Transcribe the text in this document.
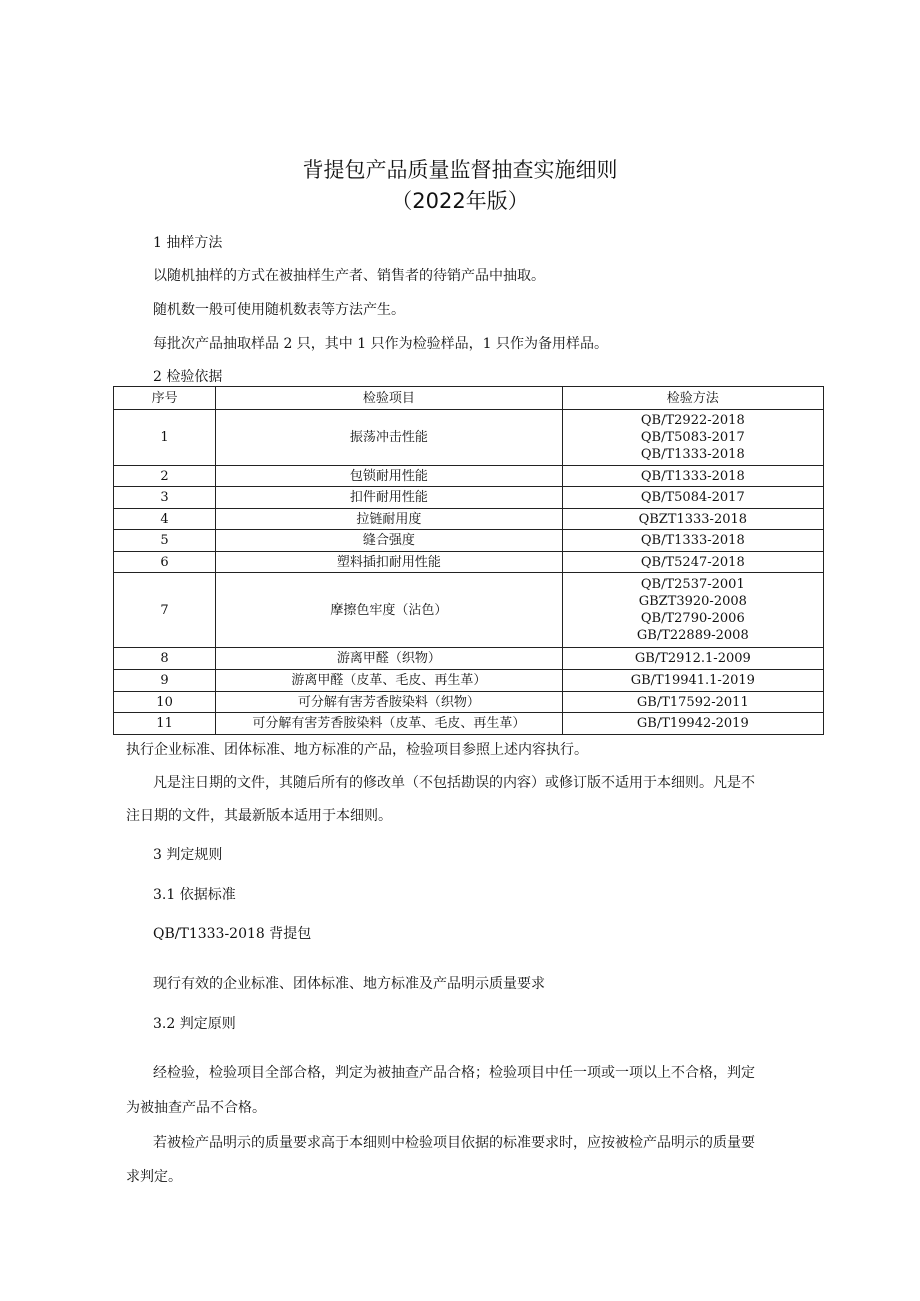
背提包产品质量监督抽查实施细则
（2022年版）
1 抽样方法
以随机抽样的方式在被抽样生产者、销售者的待销产品中抽取。
随机数一般可使用随机数表等方法产生。
每批次产品抽取样品 2 只，其中 1 只作为检验样品，1 只作为备用样品。
2 检验依据
序号	检验项目	检验方法
1	振荡冲击性能	QB/T2922-2018
QB/T5083-2017
QB/T1333-2018

2	包锁耐用性能	QB/T1333-2018
3	扣件耐用性能	QB/T5084-2017
4	拉链耐用度	QBZT1333-2018
5	缝合强度	QB/T1333-2018
6	塑料插扣耐用性能	QB/T5247-2018
7	摩擦色牢度（沾色）	QB/T2537-2001
GBZT3920-2008
QB/T2790-2006
GB/T22889-2008

8	游离甲醛（织物）	GB/T2912.1-2009
9	游离甲醛（皮革、毛皮、再生革）	GB/T19941.1-2019
10	可分解有害芳香胺染料（织物）	GB/T17592-2011
11	可分解有害芳香胺染料（皮革、毛皮、再生革）	GB/T19942-2019
执行企业标准、团体标准、地方标准的产品，检验项目参照上述内容执行。
凡是注日期的文件，其随后所有的修改单（不包括勘误的内容）或修订版不适用于本细则。凡是不
注日期的文件，其最新版本适用于本细则。
3 判定规则
3.1 依据标准
QB/T1333-2018 背提包
现行有效的企业标准、团体标准、地方标准及产品明示质量要求
3.2 判定原则
经检验，检验项目全部合格，判定为被抽查产品合格；检验项目中任一项或一项以上不合格，判定
为被抽查产品不合格。
若被检产品明示的质量要求高于本细则中检验项目依据的标准要求时，应按被检产品明示的质量要
求判定。
